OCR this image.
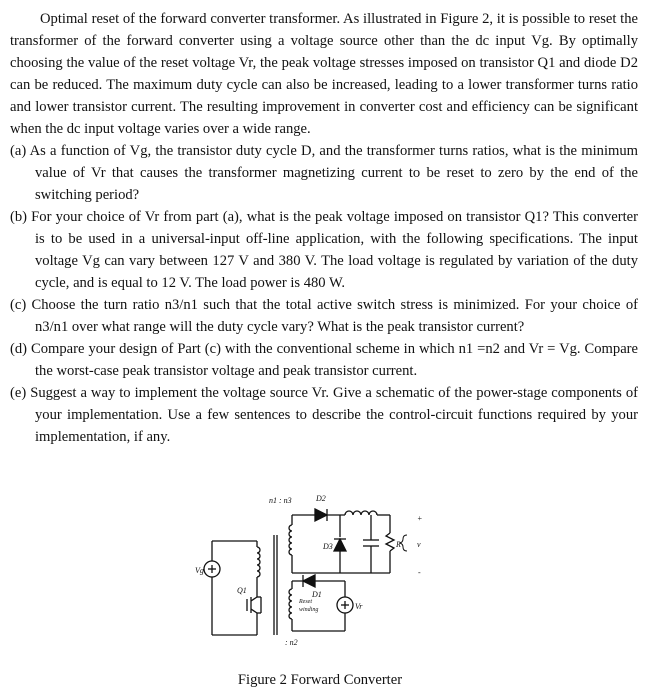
Optimal reset of the forward converter transformer. As illustrated in Figure 2, it is possible to reset the transformer of the forward converter using a voltage source other than the dc input Vg. By optimally choosing the value of the reset voltage Vr, the peak voltage stresses imposed on transistor Q1 and diode D2 can be reduced. The maximum duty cycle can also be increased, leading to a lower transformer turns ratio and lower transistor current. The resulting improvement in converter cost and efficiency can be significant when the dc input voltage varies over a wide range.

(a) As a function of Vg, the transistor duty cycle D, and the transformer turns ratios, what is the minimum value of Vr that causes the transformer magnetizing current to be reset to zero by the end of the switching period?

(b) For your choice of Vr from part (a), what is the peak voltage imposed on transistor Q1? This converter is to be used in a universal-input off-line application, with the following specifications. The input voltage Vg can vary between 127 V and 380 V. The load voltage is regulated by variation of the duty cycle, and is equal to 12 V. The load power is 480 W.

(c) Choose the turn ratio n3/n1 such that the total active switch stress is minimized. For your choice of n3/n1 over what range will the duty cycle vary? What is the peak transistor current?

(d) Compare your design of Part (c) with the conventional scheme in which n1 =n2 and Vr = Vg. Compare the worst-case peak transistor voltage and peak transistor current.

(e) Suggest a way to implement the voltage source Vr. Give a schematic of the power-stage components of your implementation. Use a few sentences to describe the control-circuit functions required by your implementation, if any.

n1 : n3	D2
D3
D1
Vg
Q1
Vr
Reset
winding
: n2
R v
+
-
Figure 2 Forward Converter
